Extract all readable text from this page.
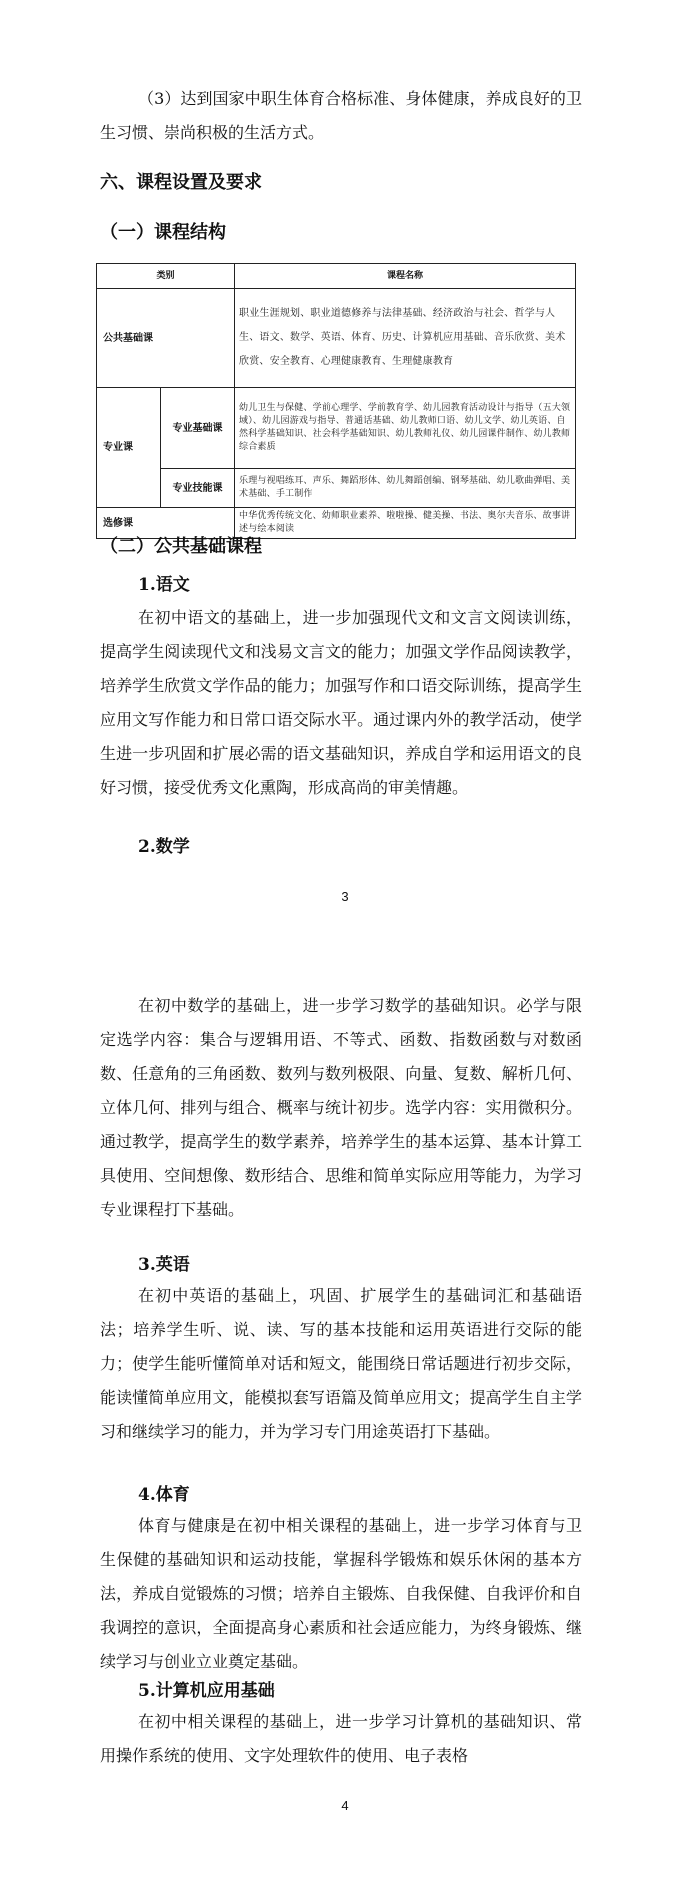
（3）达到国家中职生体育合格标准、身体健康，养成良好的卫生习惯、崇尚积极的生活方式。

六、课程设置及要求

（一）课程结构

类别		课程名称
公共基础课		职业生涯规划、职业道德修养与法律基础、经济政治与社会、哲学与人生、语文、数学、英语、体育、历史、计算机应用基础、音乐欣赏、美术欣赏、安全教育、心理健康教育、生理健康教育
专业课	专业基础课	幼儿卫生与保健、学前心理学、学前教育学、幼儿园教育活动设计与指导（五大领域）、幼儿园游戏与指导、普通话基础、幼儿教师口语、幼儿文学、幼儿英语、自然科学基础知识、社会科学基础知识、幼儿教师礼仪、幼儿园课件制作、幼儿教师综合素质
	专业技能课	乐理与视唱练耳、声乐、舞蹈形体、幼儿舞蹈创编、钢琴基础、幼儿歌曲弹唱、美术基础、手工制作
选修课		中华优秀传统文化、幼师职业素养、啦啦操、健美操、书法、奥尔夫音乐、故事讲述与绘本阅读

（二）公共基础课程

1.语文

在初中语文的基础上，进一步加强现代文和文言文阅读训练，提高学生阅读现代文和浅易文言文的能力；加强文学作品阅读教学，培养学生欣赏文学作品的能力；加强写作和口语交际训练，提高学生应用文写作能力和日常口语交际水平。通过课内外的教学活动，使学生进一步巩固和扩展必需的语文基础知识，养成自学和运用语文的良好习惯，接受优秀文化熏陶，形成高尚的审美情趣。

2.数学

3

在初中数学的基础上，进一步学习数学的基础知识。必学与限定选学内容：集合与逻辑用语、不等式、函数、指数函数与对数函数、任意角的三角函数、数列与数列极限、向量、复数、解析几何、立体几何、排列与组合、概率与统计初步。选学内容：实用微积分。通过教学，提高学生的数学素养，培养学生的基本运算、基本计算工具使用、空间想像、数形结合、思维和简单实际应用等能力，为学习专业课程打下基础。

3.英语

在初中英语的基础上，巩固、扩展学生的基础词汇和基础语法；培养学生听、说、读、写的基本技能和运用英语进行交际的能力；使学生能听懂简单对话和短文，能围绕日常话题进行初步交际，能读懂简单应用文，能模拟套写语篇及简单应用文；提高学生自主学习和继续学习的能力，并为学习专门用途英语打下基础。

4.体育

体育与健康是在初中相关课程的基础上，进一步学习体育与卫生保健的基础知识和运动技能，掌握科学锻炼和娱乐休闲的基本方法，养成自觉锻炼的习惯；培养自主锻炼、自我保健、自我评价和自我调控的意识，全面提高身心素质和社会适应能力，为终身锻炼、继续学习与创业立业奠定基础。

5.计算机应用基础

在初中相关课程的基础上，进一步学习计算机的基础知识、常用操作系统的使用、文字处理软件的使用、电子表格

4
